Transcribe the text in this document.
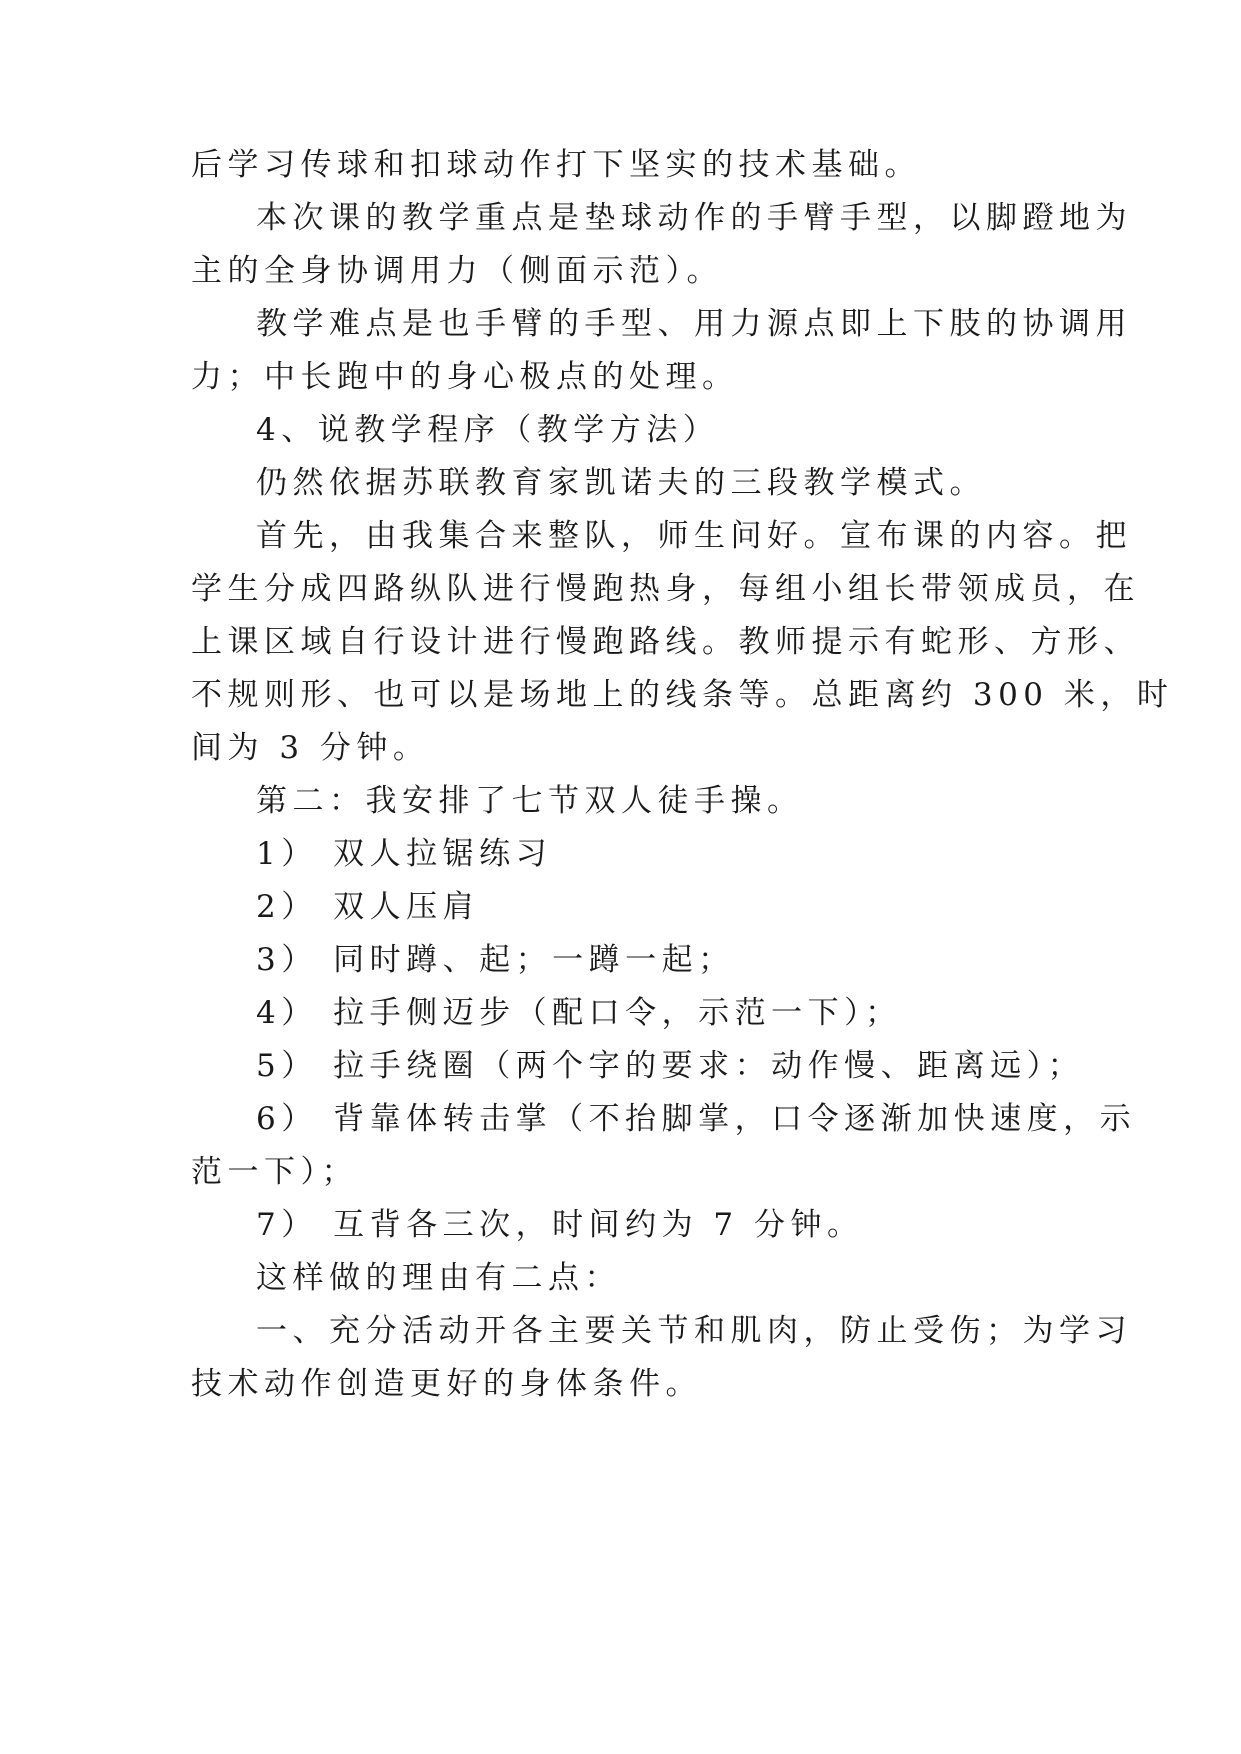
后学习传球和扣球动作打下坚实的技术基础。
本次课的教学重点是垫球动作的手臂手型，以脚蹬地为
主的全身协调用力（侧面示范）。
教学难点是也手臂的手型、用力源点即上下肢的协调用
力；中长跑中的身心极点的处理。
4、说教学程序（教学方法）
仍然依据苏联教育家凯诺夫的三段教学模式。
首先，由我集合来整队，师生问好。宣布课的内容。把
学生分成四路纵队进行慢跑热身，每组小组长带领成员，在
上课区域自行设计进行慢跑路线。教师提示有蛇形、方形、
不规则形、也可以是场地上的线条等。总距离约 300 米，时
间为 3 分钟。
第二：我安排了七节双人徒手操。
1） 双人拉锯练习
2） 双人压肩
3） 同时蹲、起；一蹲一起；
4） 拉手侧迈步（配口令，示范一下）；
5） 拉手绕圈（两个字的要求：动作慢、距离远）；
6） 背靠体转击掌（不抬脚掌，口令逐渐加快速度，示
范一下）；
7） 互背各三次，时间约为 7 分钟。
这样做的理由有二点：
一、充分活动开各主要关节和肌肉，防止受伤；为学习
技术动作创造更好的身体条件。
